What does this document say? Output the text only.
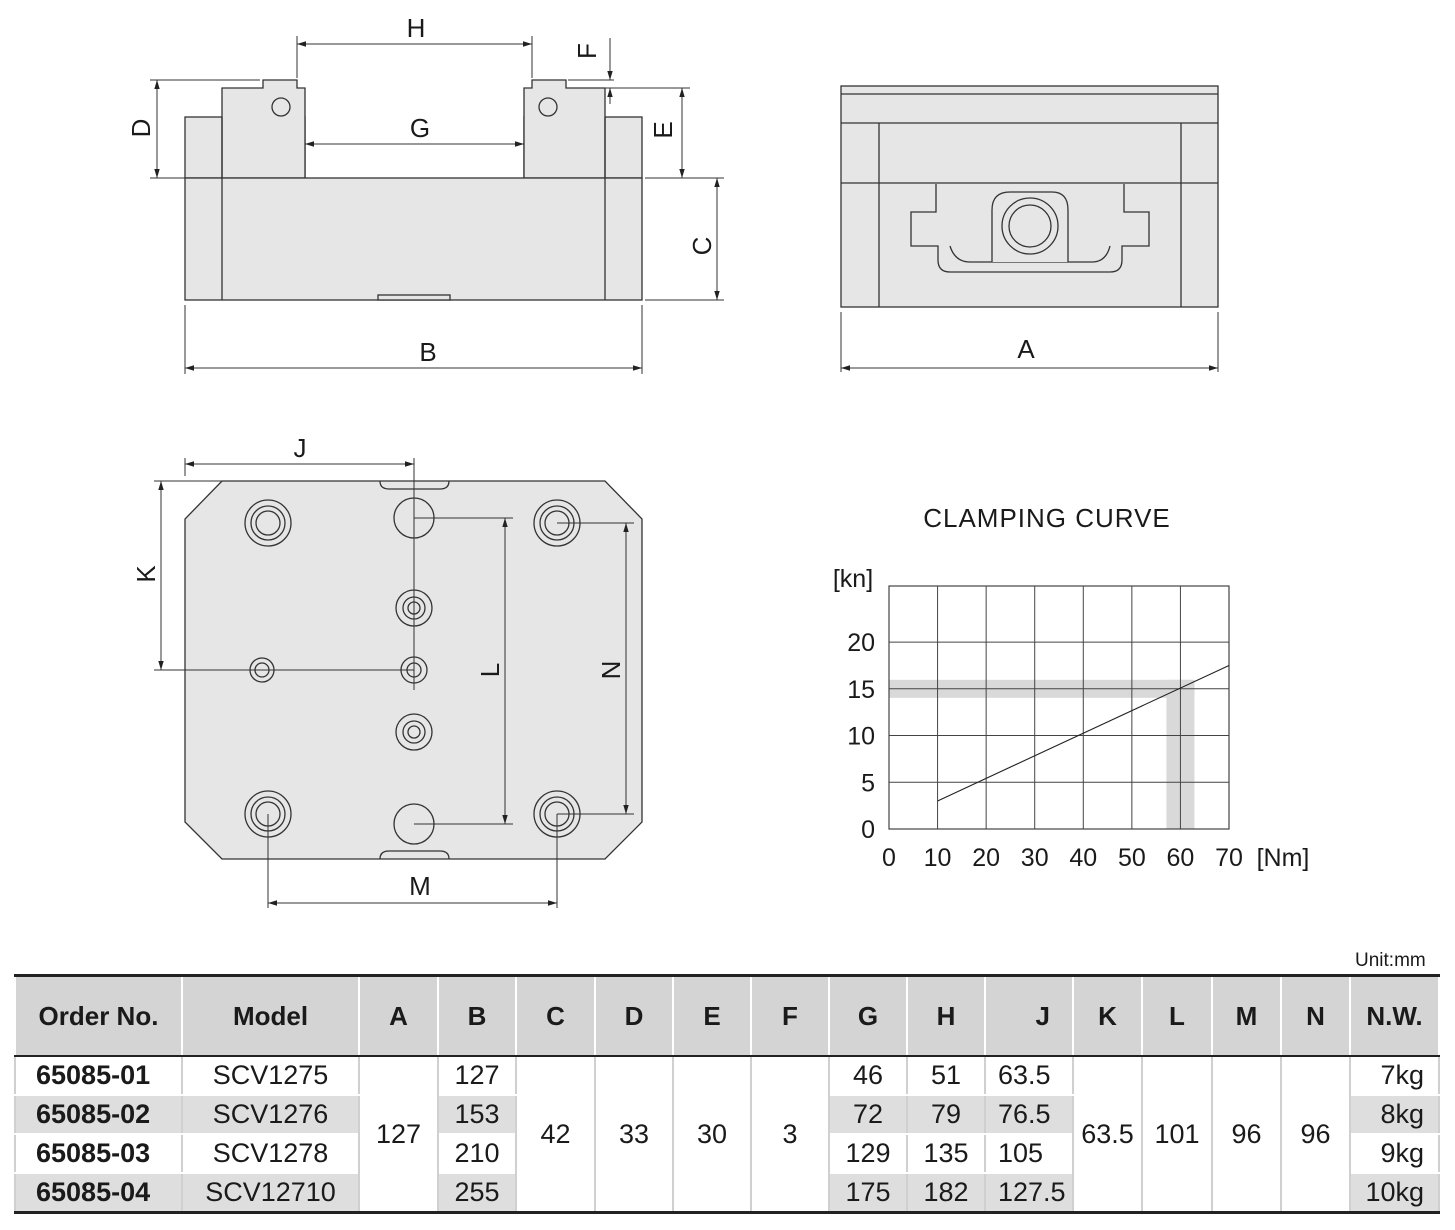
H
G
B
D
F
E
C
A
J
M
K
L	N
CLAMPING CURVE
[kn]
[Nm]
0 10 20 30 40 50 60 70
0
5
10
15
20
Unit:mm
Order No.	Model	A	B	C	D	E	F	G	H	J	K	L	M	N	N.W.
65085-01	SCV1275	127	127	42	33	30	3	46	51	63.5	63.5	101	96	96	7kg
65085-02	SCV1276		153					72	79	76.5					8kg
65085-03	SCV1278		210					129	135	105					9kg
65085-04	SCV12710		255					175	182	127.5					10kg
